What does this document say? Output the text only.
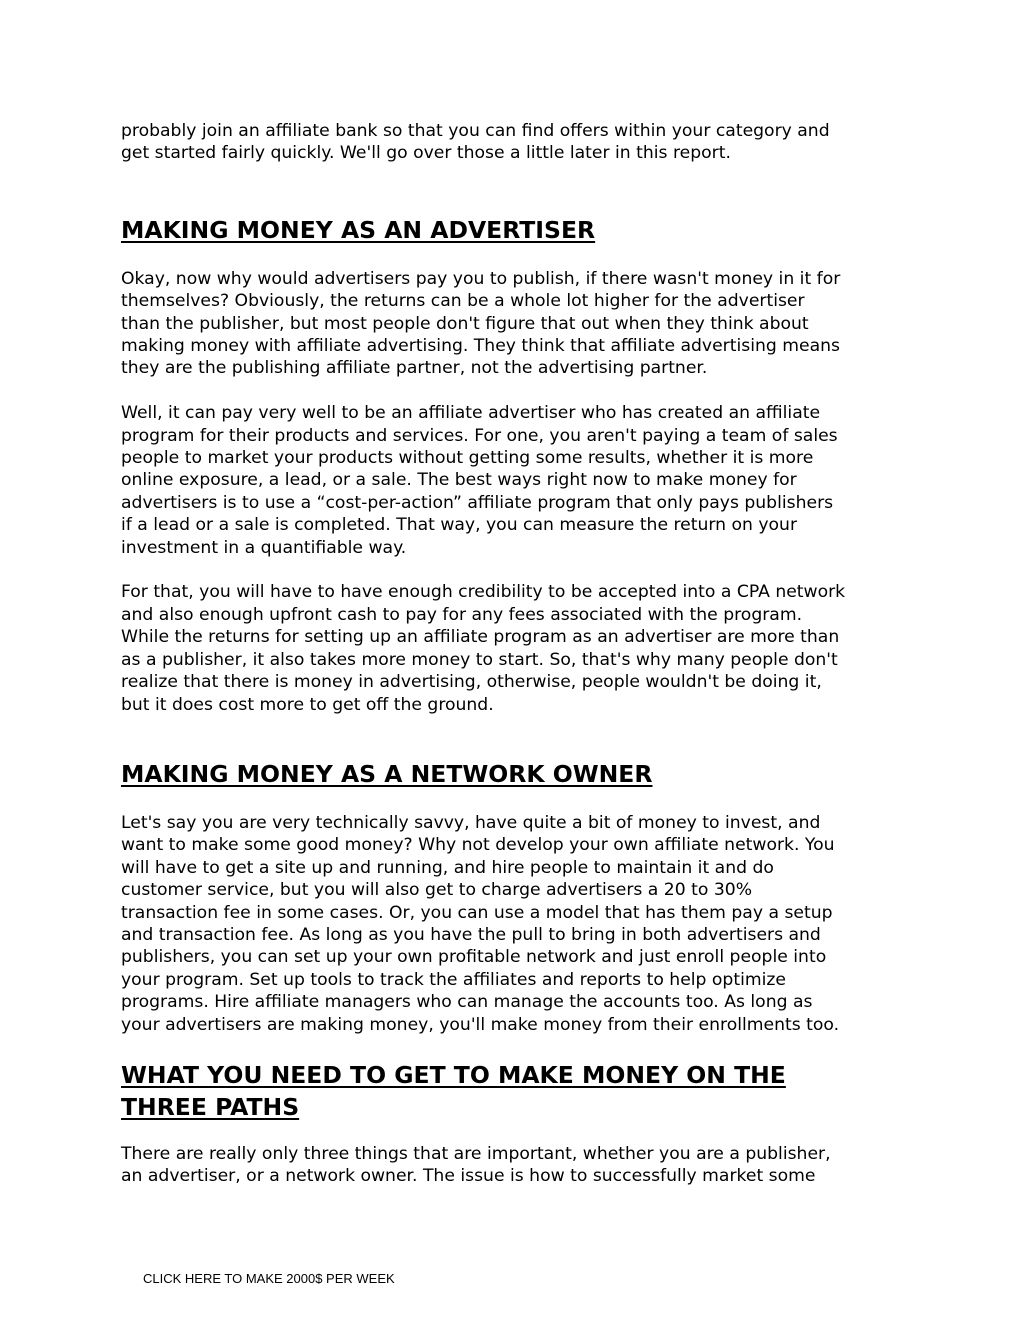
probably join an affiliate bank so that you can find offers within your category and
get started fairly quickly. We'll go over those a little later in this report.

MAKING MONEY AS AN ADVERTISER

Okay, now why would advertisers pay you to publish, if there wasn't money in it for
themselves? Obviously, the returns can be a whole lot higher for the advertiser
than the publisher, but most people don't figure that out when they think about
making money with affiliate advertising. They think that affiliate advertising means
they are the publishing affiliate partner, not the advertising partner.

Well, it can pay very well to be an affiliate advertiser who has created an affiliate
program for their products and services. For one, you aren't paying a team of sales
people to market your products without getting some results, whether it is more
online exposure, a lead, or a sale. The best ways right now to make money for
advertisers is to use a “cost-per-action” affiliate program that only pays publishers
if a lead or a sale is completed. That way, you can measure the return on your
investment in a quantifiable way.

For that, you will have to have enough credibility to be accepted into a CPA network
and also enough upfront cash to pay for any fees associated with the program.
While the returns for setting up an affiliate program as an advertiser are more than
as a publisher, it also takes more money to start. So, that's why many people don't
realize that there is money in advertising, otherwise, people wouldn't be doing it,
but it does cost more to get off the ground.

MAKING MONEY AS A NETWORK OWNER

Let's say you are very technically savvy, have quite a bit of money to invest, and
want to make some good money? Why not develop your own affiliate network. You
will have to get a site up and running, and hire people to maintain it and do
customer service, but you will also get to charge advertisers a 20 to 30%
transaction fee in some cases. Or, you can use a model that has them pay a setup
and transaction fee. As long as you have the pull to bring in both advertisers and
publishers, you can set up your own profitable network and just enroll people into
your program. Set up tools to track the affiliates and reports to help optimize
programs. Hire affiliate managers who can manage the accounts too. As long as
your advertisers are making money, you'll make money from their enrollments too.

WHAT YOU NEED TO GET TO MAKE MONEY ON THE
THREE PATHS

There are really only three things that are important, whether you are a publisher,
an advertiser, or a network owner. The issue is how to successfully market some

CLICK HERE TO MAKE 2000$ PER WEEK
